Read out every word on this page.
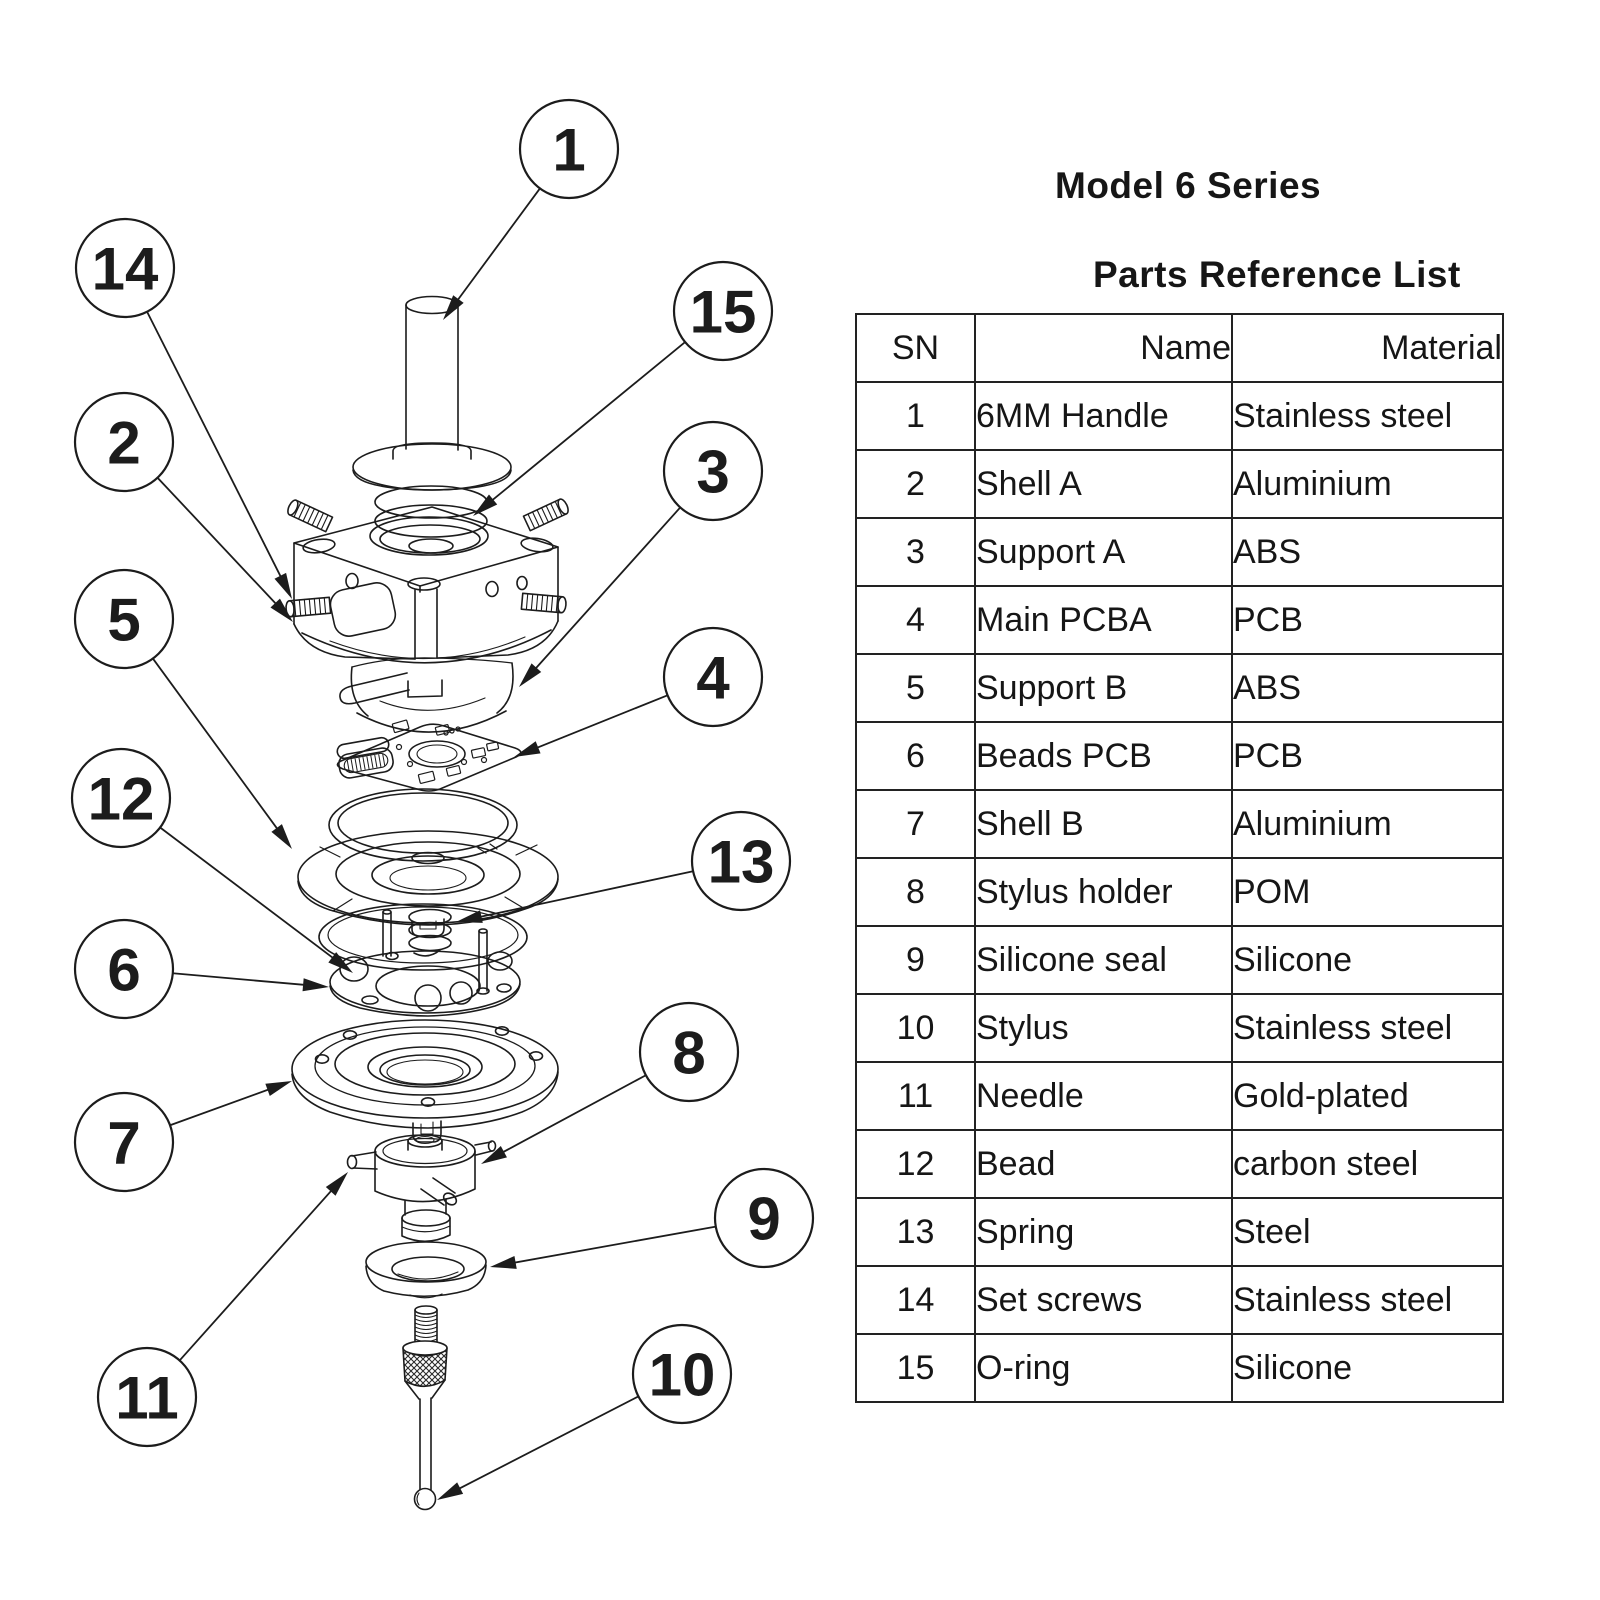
1
2	3
4
5
6
7
8
9
10
11
12
13
14
15
Model 6 Series
Parts Reference List
SN	Name	Material
1	6MM Handle	Stainless steel
2	Shell A	Aluminium
3	Support A	ABS
4	Main PCBA	PCB
5	Support B	ABS
6	Beads PCB	PCB
7	Shell B	Aluminium
8	Stylus holder	POM
9	Silicone seal	Silicone
10	Stylus	Stainless steel
11	Needle	Gold-plated
12	Bead	carbon steel
13	Spring	Steel
14	Set screws	Stainless steel
15	O-ring	Silicone
